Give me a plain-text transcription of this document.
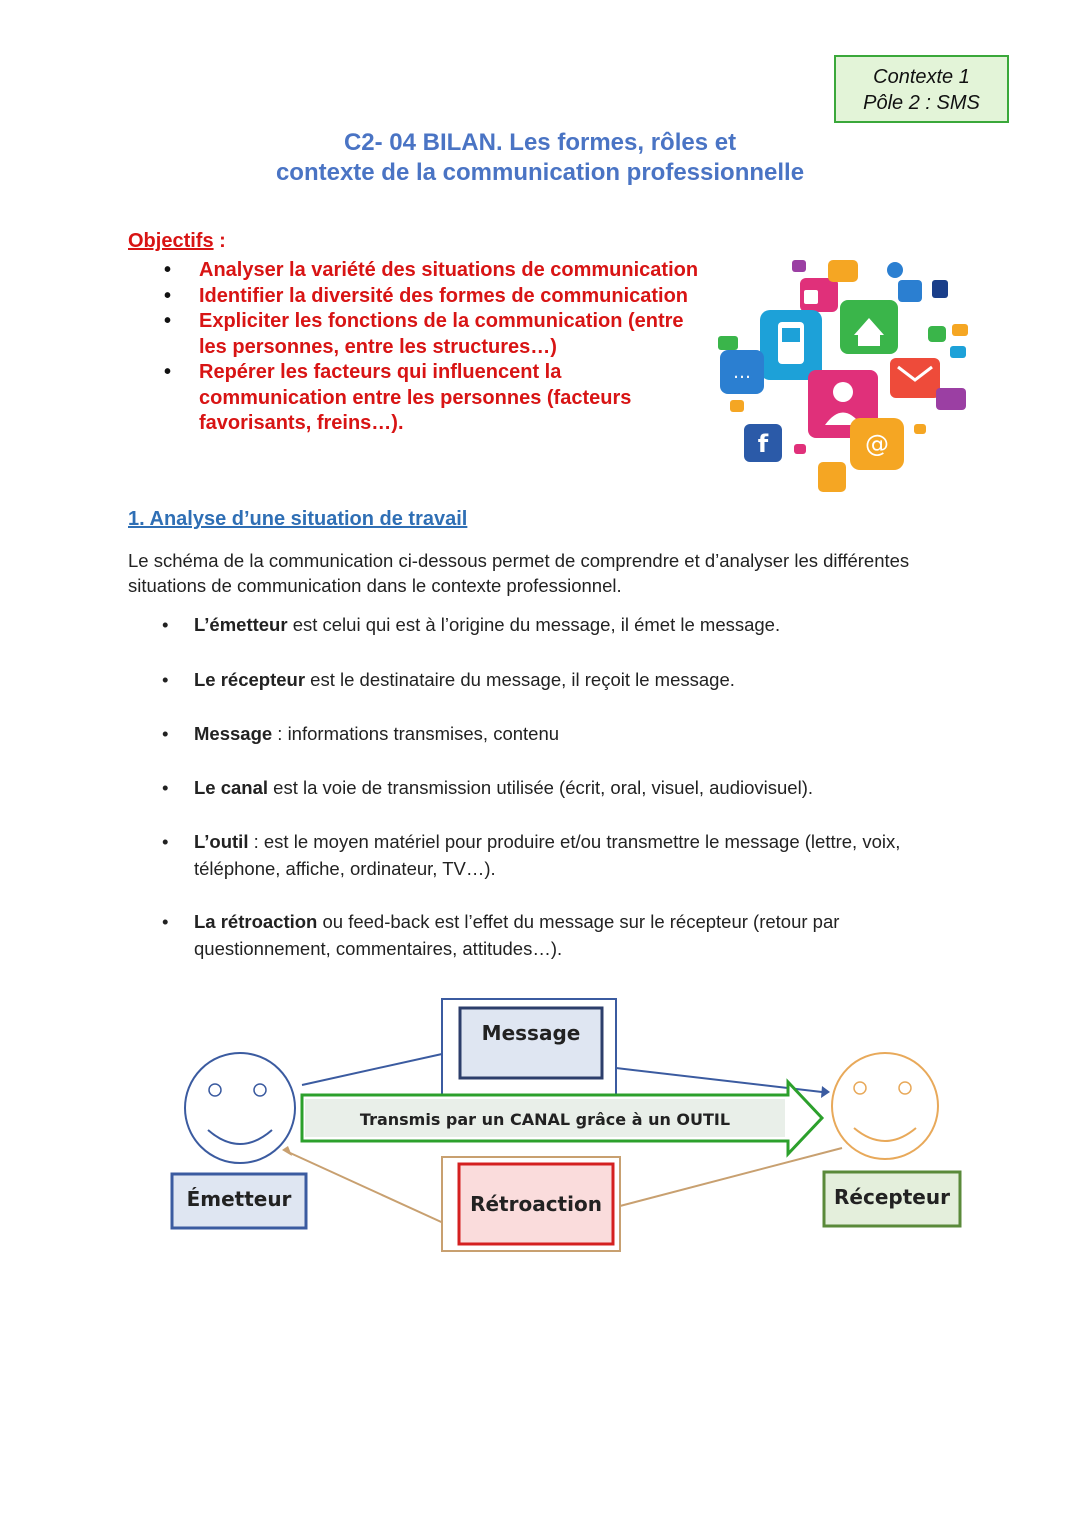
Contexte 1
Pôle 2 : SMS
C2- 04 BILAN. Les formes, rôles et
contexte de la communication professionnelle
Objectifs :
• Analyser la variété des situations de communication
• Identifier la diversité des formes de communication
• Expliciter les fonctions de la communication (entre les personnes, entre les structures…)
• Repérer les facteurs qui influencent la communication entre les personnes (facteurs favorisants, freins…).
…
@
f
1. Analyse d’une situation de travail
Le schéma de la communication ci-dessous permet de comprendre et d’analyser les différentes situations de communication dans le contexte professionnel.
• L’émetteur est celui qui est à l’origine du message, il émet le message.
• Le récepteur est le destinataire du message, il reçoit le message.
• Message : informations transmises, contenu
• Le canal est la voie de transmission utilisée (écrit, oral, visuel, audiovisuel).
• L’outil : est le moyen matériel pour produire et/ou transmettre le message (lettre, voix, téléphone, affiche, ordinateur, TV…).
• La rétroaction ou feed-back est l’effet du message sur le récepteur (retour par questionnement, commentaires, attitudes…).
Message
Transmis par un CANAL grâce à un OUTIL
Rétroaction
Émetteur	Récepteur
